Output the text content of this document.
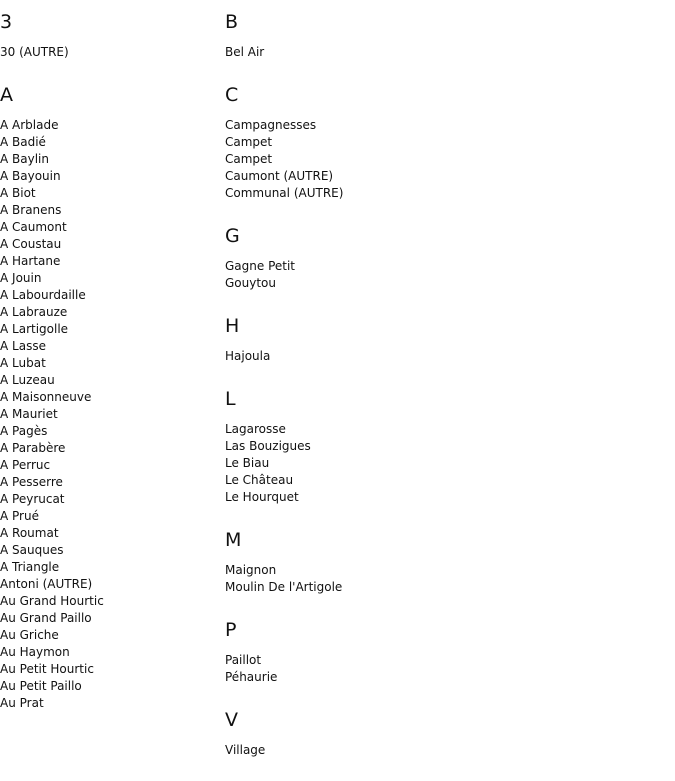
3
30 (AUTRE)
A
A Arblade
A Badié
A Baylin
A Bayouin
A Biot
A Branens
A Caumont
A Coustau
A Hartane
A Jouin
A Labourdaille
A Labrauze
A Lartigolle
A Lasse
A Lubat
A Luzeau
A Maisonneuve
A Mauriet
A Pagès
A Parabère
A Perruc
A Pesserre
A Peyrucat
A Prué
A Roumat
A Sauques
A Triangle
Antoni (AUTRE)
Au Grand Hourtic
Au Grand Paillo
Au Griche
Au Haymon
Au Petit Hourtic
Au Petit Paillo
Au Prat
B
Bel Air
C
Campagnesses
Campet
Campet
Caumont (AUTRE)
Communal (AUTRE)
G
Gagne Petit
Gouytou
H
Hajoula
L
Lagarosse
Las Bouzigues
Le Biau
Le Château
Le Hourquet
M
Maignon
Moulin De l'Artigole
P
Paillot
Péhaurie
V
Village
